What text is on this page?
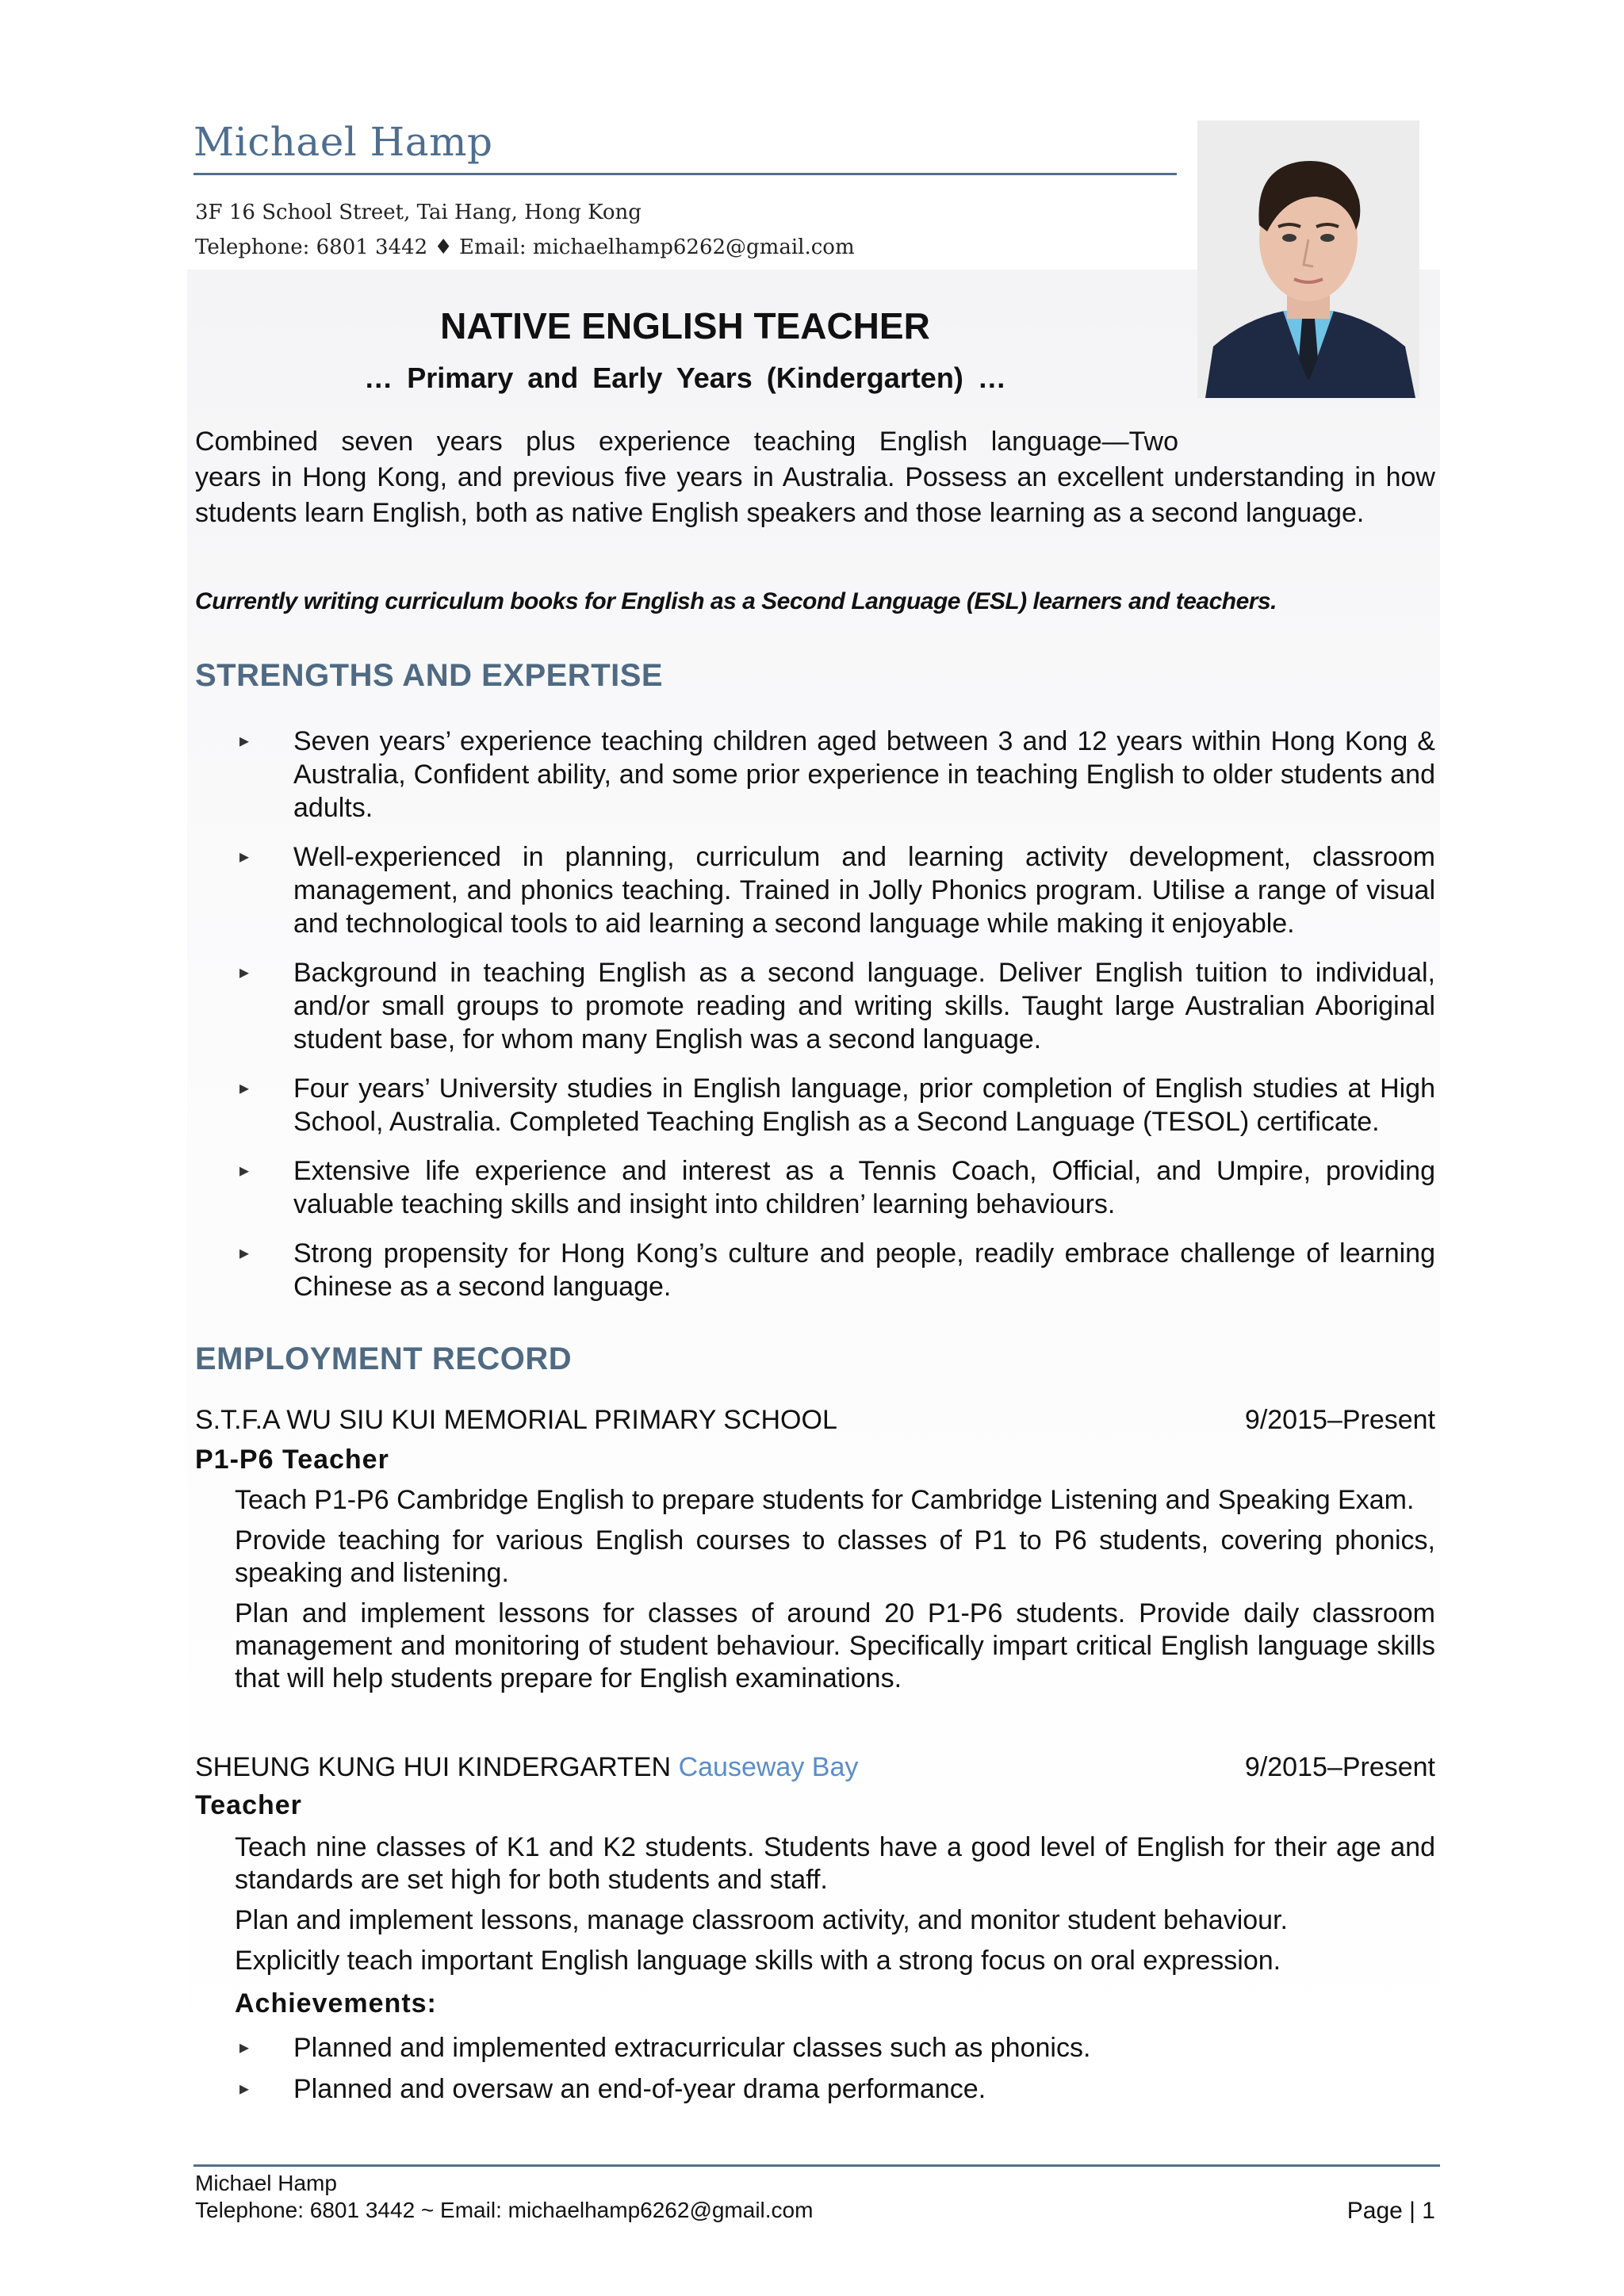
Michael Hamp
3F 16 School Street, Tai Hang, Hong Kong
Telephone: 6801 3442 ♦ Email: michaelhamp6262@gmail.com
NATIVE ENGLISH TEACHER
… Primary and Early Years (Kindergarten) …
Combined seven years plus experience teaching English language—Two
years in Hong Kong, and previous five years in Australia. Possess an excellent understanding in how students learn English, both as native English speakers and those learning as a second language.
Currently writing curriculum books for English as a Second Language (ESL) learners and teachers.
STRENGTHS AND EXPERTISE
▸ Seven years’ experience teaching children aged between 3 and 12 years within Hong Kong & Australia, Confident ability, and some prior experience in teaching English to older students and adults.
▸ Well-experienced in planning, curriculum and learning activity development, classroom management, and phonics teaching. Trained in Jolly Phonics program. Utilise a range of visual and technological tools to aid learning a second language while making it enjoyable.
▸ Background in teaching English as a second language. Deliver English tuition to individual, and/or small groups to promote reading and writing skills. Taught large Australian Aboriginal student base, for whom many English was a second language.
▸ Four years’ University studies in English language, prior completion of English studies at High School, Australia. Completed Teaching English as a Second Language (TESOL) certificate.
▸ Extensive life experience and interest as a Tennis Coach, Official, and Umpire, providing valuable teaching skills and insight into children’ learning behaviours.
▸ Strong propensity for Hong Kong’s culture and people, readily embrace challenge of learning Chinese as a second language.
EMPLOYMENT RECORD
S.T.F.A WU SIU KUI MEMORIAL PRIMARY SCHOOL	9/2015–Present
P1-P6 Teacher

Teach P1-P6 Cambridge English to prepare students for Cambridge Listening and Speaking Exam.

Provide teaching for various English courses to classes of P1 to P6 students, covering phonics, speaking and listening.

Plan and implement lessons for classes of around 20 P1-P6 students. Provide daily classroom management and monitoring of student behaviour. Specifically impart critical English language skills that will help students prepare for English examinations.

SHEUNG KUNG HUI KINDERGARTEN Causeway Bay	9/2015–Present
Teacher

Teach nine classes of K1 and K2 students. Students have a good level of English for their age and standards are set high for both students and staff.

Plan and implement lessons, manage classroom activity, and monitor student behaviour.

Explicitly teach important English language skills with a strong focus on oral expression.

Achievements:
▸ Planned and implemented extracurricular classes such as phonics.
▸ Planned and oversaw an end-of-year drama performance.
Michael Hamp
Telephone: 6801 3442 ~ Email: michaelhamp6262@gmail.com	Page | 1
